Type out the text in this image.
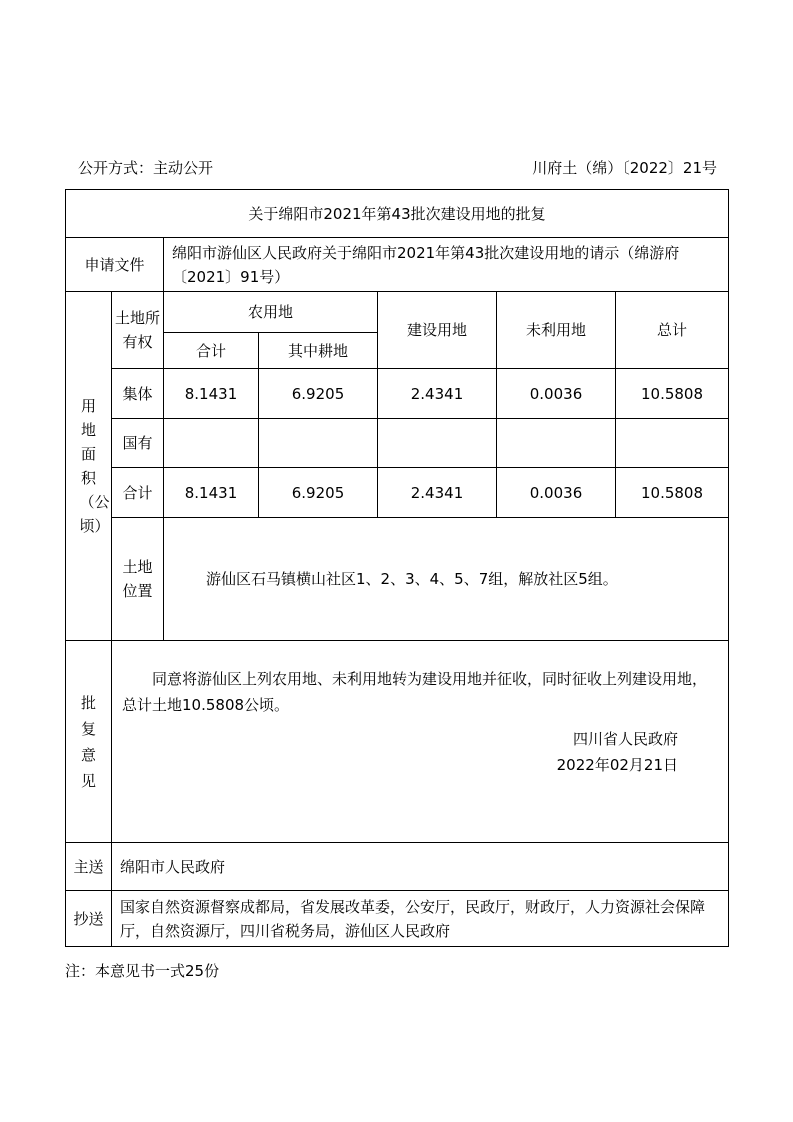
公开方式：主动公开	川府土（绵）〔2022〕21号
关于绵阳市2021年第43批次建设用地的批复						
申请文件		绵阳市游仙区人民政府关于绵阳市2021年第43批次建设用地的请示（绵游府〔2021〕91号）				
用地面积（公顷）	土地所有权	农用地		建设用地	未利用地	总计
		合计	其中耕地			
	集体	8.1431	6.9205	2.4341	0.0036	10.5808
	国有					
	合计	8.1431	6.9205	2.4341	0.0036	10.5808
	土地位置	游仙区石马镇横山社区1、2、3、4、5、7组，解放社区5组。				
批复意见	同意将游仙区上列农用地、未利用地转为建设用地并征收，同时征收上列建设用地，总计土地10.5808公顷。

四川省人民政府
2022年02月21日					

主送	绵阳市人民政府					
抄送	国家自然资源督察成都局，省发展改革委，公安厅，民政厅，财政厅，人力资源社会保障厅，自然资源厅，四川省税务局，游仙区人民政府					
注：本意见书一式25份
